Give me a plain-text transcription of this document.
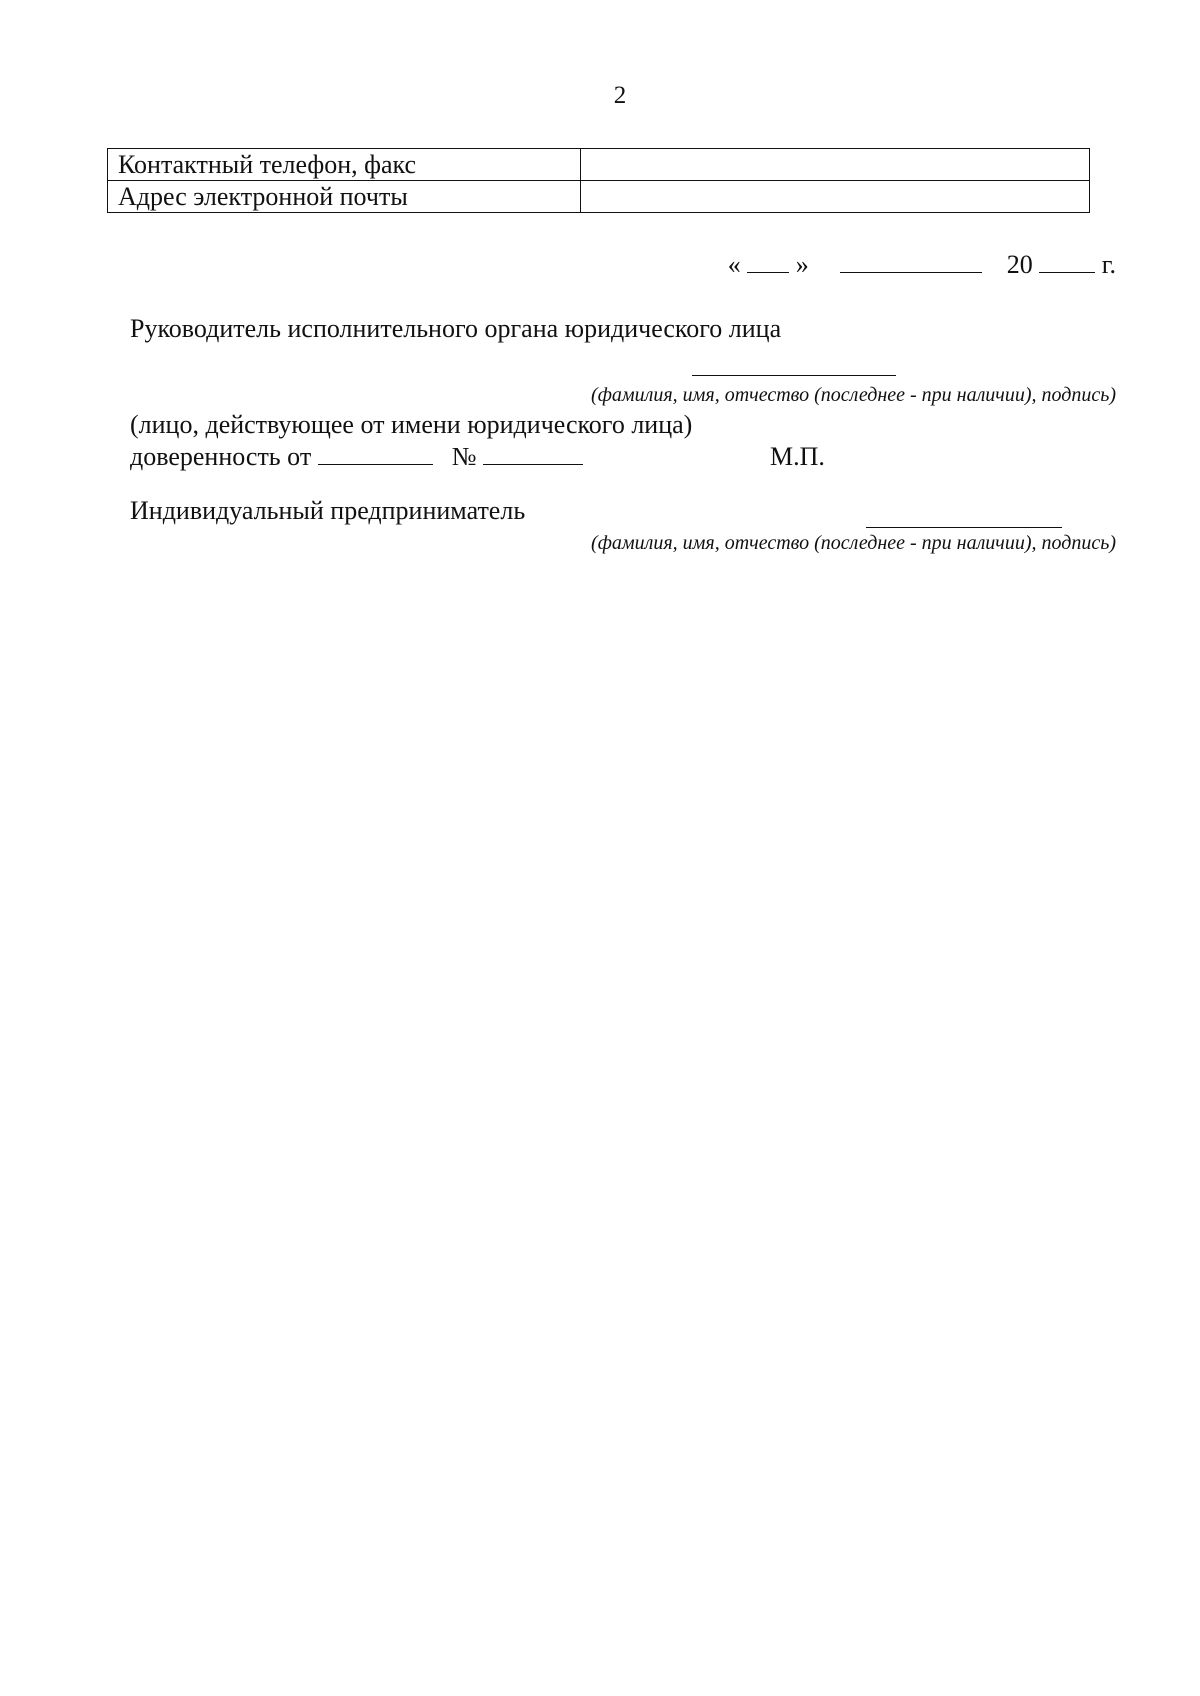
2
Контактный телефон, факс	
Адрес электронной почты	
« »	20	г.
Руководитель исполнительного органа юридического лица
(фамилия, имя, отчество (последнее - при наличии), подпись)
(лицо, действующее от имени юридического лица)
доверенность от	№	М.П.
Индивидуальный предприниматель
(фамилия, имя, отчество (последнее - при наличии), подпись)
